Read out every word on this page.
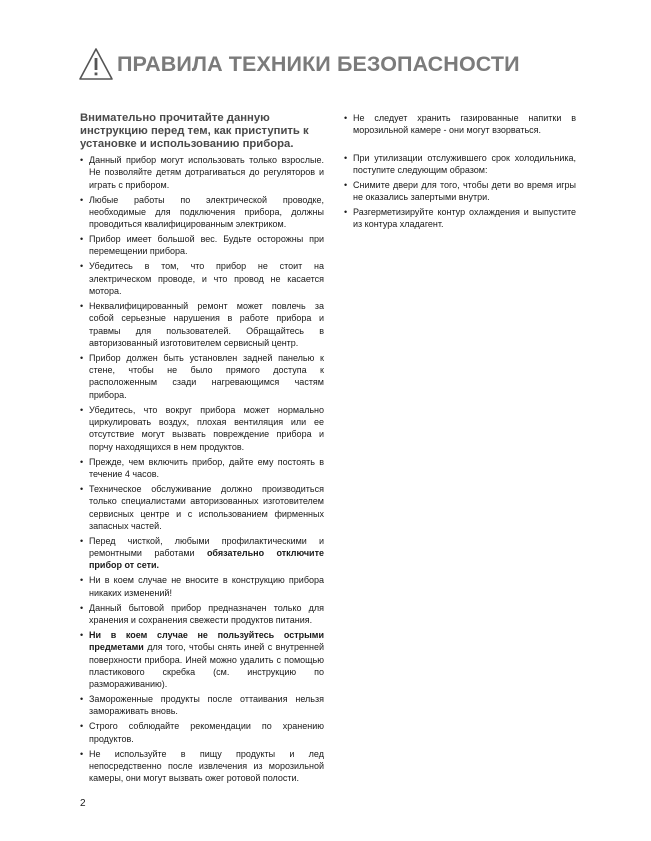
ПРАВИЛА ТЕХНИКИ БЕЗОПАСНОСТИ

Внимательно прочитайте данную инструкцию перед тем, как приступить к установке и использованию прибора.

• Данный прибор могут использовать только взрослые. Не позволяйте детям дотрагиваться до регуляторов и играть с прибором.
• Любые работы по электрической проводке, необходимые для подключения прибора, должны проводиться квалифицированным электриком.
• Прибор имеет большой вес. Будьте осторожны при перемещении прибора.
• Убедитесь в том, что прибор не стоит на электрическом проводе, и что провод не касается мотора.
• Неквалифицированный ремонт может повлечь за собой серьезные нарушения в работе прибора и травмы для пользователей. Обращайтесь в авторизованный изготовителем сервисный центр.
• Прибор должен быть установлен задней панелью к стене, чтобы не было прямого доступа к расположенным сзади нагревающимся частям прибора.
• Убедитесь, что вокруг прибора может нормально циркулировать воздух, плохая вентиляция или ее отсутствие могут вызвать повреждение прибора и порчу находящихся в нем продуктов.
• Прежде, чем включить прибор, дайте ему постоять в течение 4 часов.
• Техническое обслуживание должно производиться только специалистами авторизованных изготовителем сервисных центре и с использованием фирменных запасных частей.
• Перед чисткой, любыми профилактическими и ремонтными работами обязательно отключите прибор от сети.
• Ни в коем случае не вносите в конструкцию прибора никаких изменений!
• Данный бытовой прибор предназначен только для хранения и сохранения свежести продуктов питания.
• Ни в коем случае не пользуйтесь острыми предметами для того, чтобы снять иней с внутренней поверхности прибора. Иней можно удалить с помощью пластикового скребка (см. инструкцию по размораживанию).
• Замороженные продукты после оттаивания нельзя замораживать вновь.
• Строго соблюдайте рекомендации по хранению продуктов.
• Не используйте в пищу продукты и лед непосредственно после извлечения из морозильной камеры, они могут вызвать ожег ротовой полости.
• Не следует хранить газированные напитки в морозильной камере - они могут взорваться.
• При утилизации отслужившего срок холодильника, поступите следующим образом:
• Снимите двери для того, чтобы дети во время игры не оказались запертыми внутри.
• Разгерметизируйте контур охлаждения и выпустите из контура хладагент.
2
